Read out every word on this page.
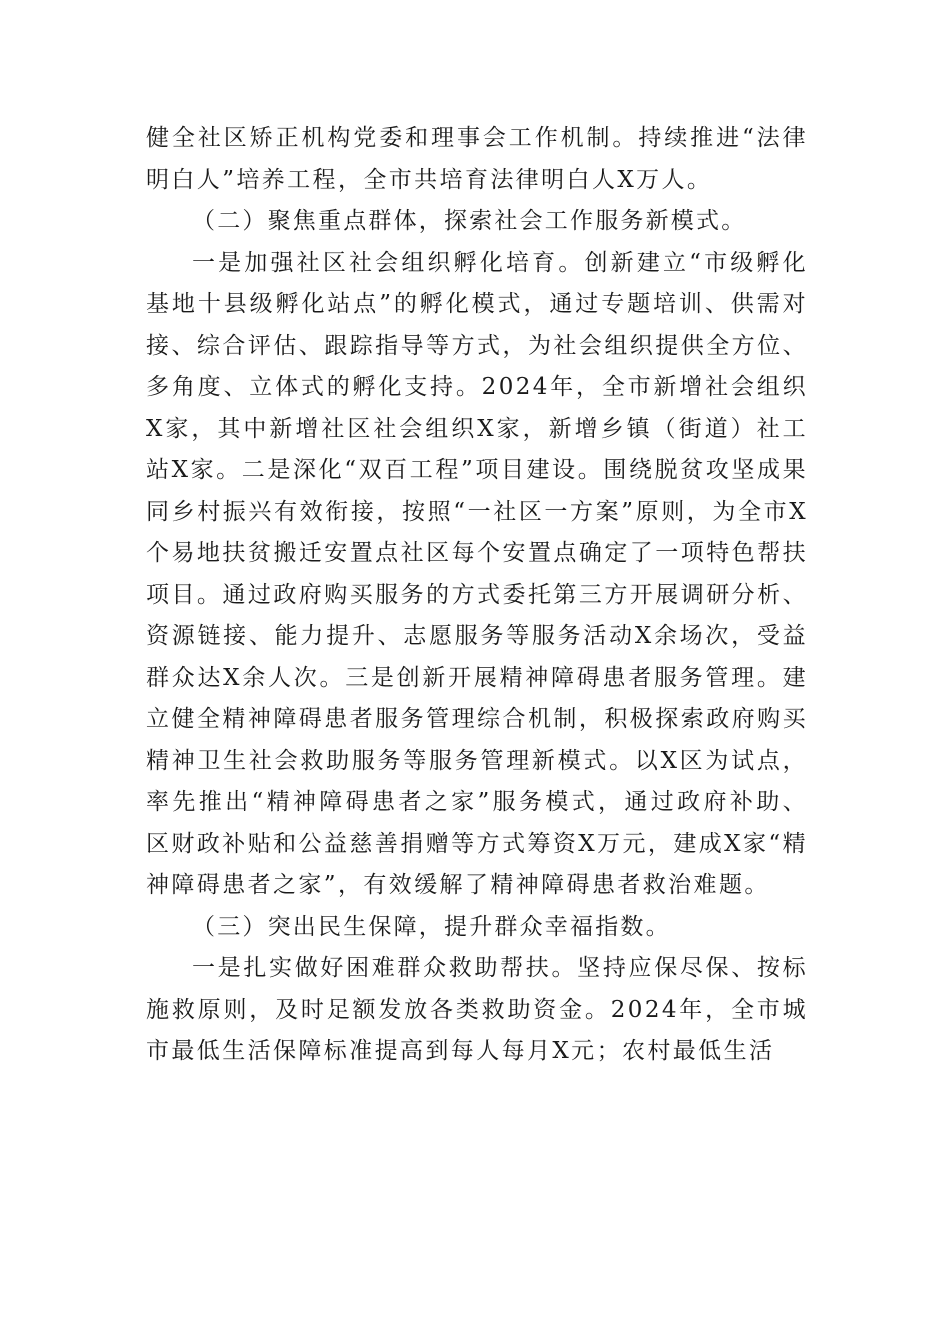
健全社区矫正机构党委和理事会工作机制。持续推进“法律明白人”培养工程，全市共培育法律明白人X万人。

（二）聚焦重点群体，探索社会工作服务新模式。

一是加强社区社会组织孵化培育。创新建立“市级孵化基地十县级孵化站点”的孵化模式，通过专题培训、供需对接、综合评估、跟踪指导等方式，为社会组织提供全方位、多角度、立体式的孵化支持。2024年，全市新增社会组织X家，其中新增社区社会组织X家，新增乡镇（街道）社工站X家。二是深化“双百工程”项目建设。围绕脱贫攻坚成果同乡村振兴有效衔接，按照“一社区一方案”原则，为全市X个易地扶贫搬迁安置点社区每个安置点确定了一项特色帮扶项目。通过政府购买服务的方式委托第三方开展调研分析、资源链接、能力提升、志愿服务等服务活动X余场次，受益群众达X余人次。三是创新开展精神障碍患者服务管理。建立健全精神障碍患者服务管理综合机制，积极探索政府购买精神卫生社会救助服务等服务管理新模式。以X区为试点，率先推出“精神障碍患者之家”服务模式，通过政府补助、区财政补贴和公益慈善捐赠等方式筹资X万元，建成X家“精神障碍患者之家”，有效缓解了精神障碍患者救治难题。

（三）突出民生保障，提升群众幸福指数。

一是扎实做好困难群众救助帮扶。坚持应保尽保、按标施救原则，及时足额发放各类救助资金。2024年，全市城市最低生活保障标准提高到每人每月X元；农村最低生活
